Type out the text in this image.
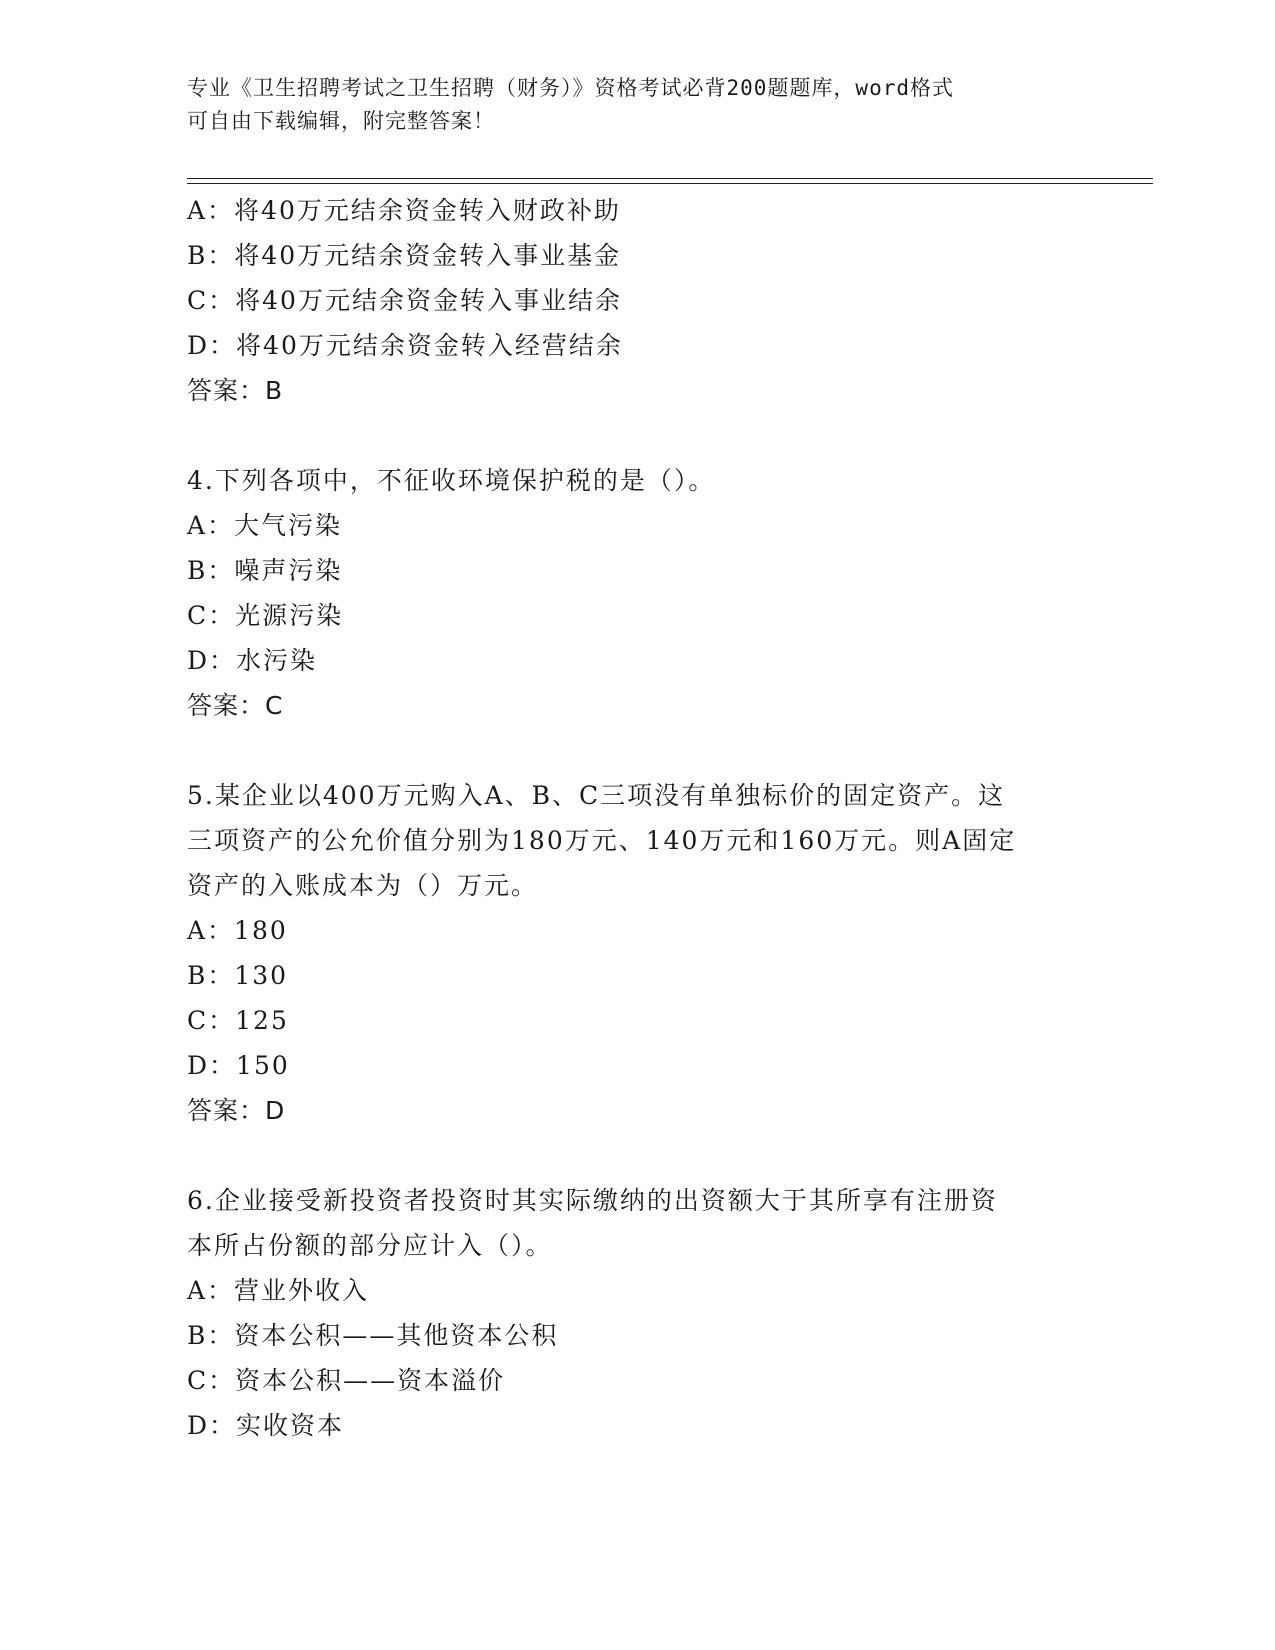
专业《卫生招聘考试之卫生招聘（财务）》资格考试必背200题题库，word格式
可自由下载编辑，附完整答案！
A：将40万元结余资金转入财政补助
B：将40万元结余资金转入事业基金
C：将40万元结余资金转入事业结余
D：将40万元结余资金转入经营结余
答案：B
4.下列各项中，不征收环境保护税的是（）。
A：大气污染
B：噪声污染
C：光源污染
D：水污染
答案：C
5.某企业以400万元购入A、B、C三项没有单独标价的固定资产。这
三项资产的公允价值分别为180万元、140万元和160万元。则A固定
资产的入账成本为（）万元。
A：180
B：130
C：125
D：150
答案：D
6.企业接受新投资者投资时其实际缴纳的出资额大于其所享有注册资
本所占份额的部分应计入（）。
A：营业外收入
B：资本公积——其他资本公积
C：资本公积——资本溢价
D：实收资本
